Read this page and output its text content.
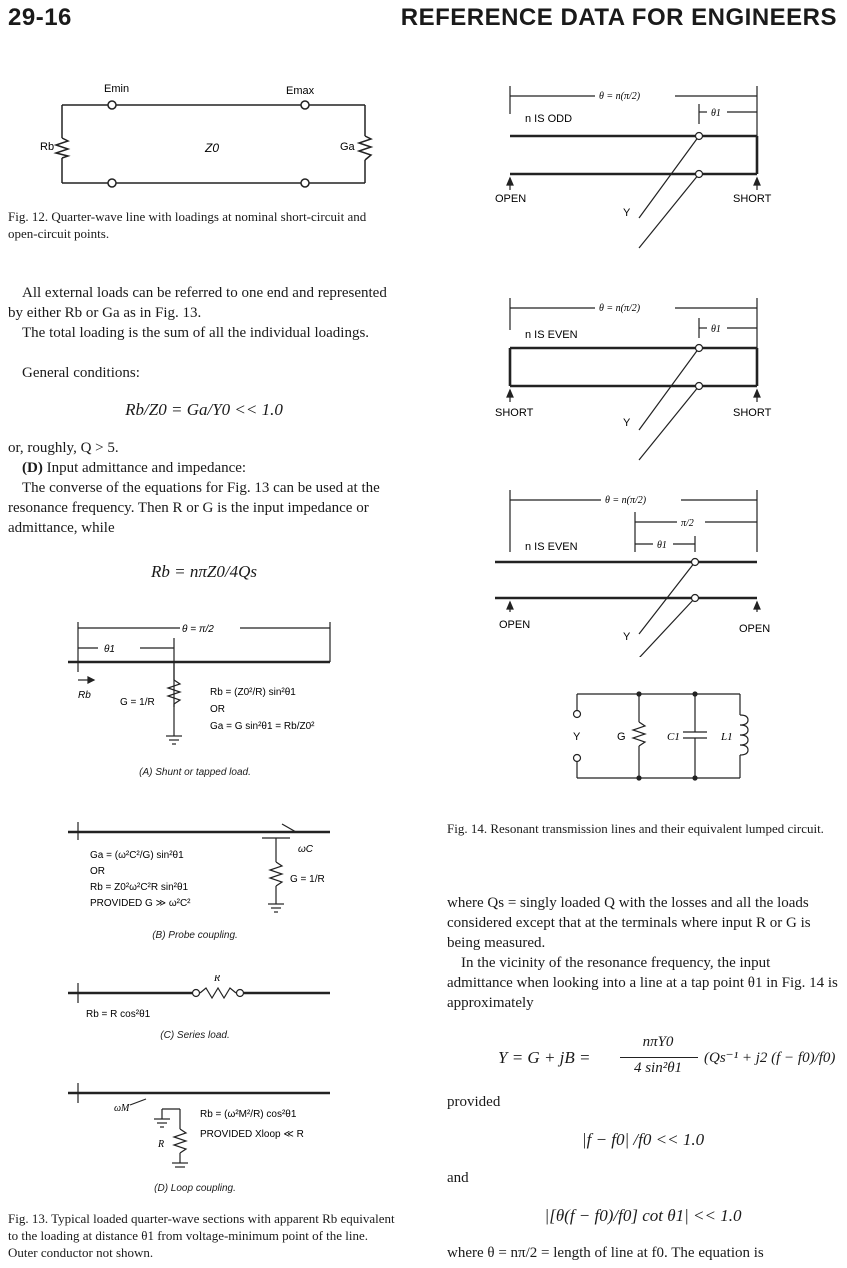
29-16	REFERENCE DATA FOR ENGINEERS
Emin	Emax
Rb	Z0	Ga
Fig. 12. Quarter-wave line with loadings at nominal short-circuit and open-circuit points.
All external loads can be referred to one end and represented by either Rb or Ga as in Fig. 13.
The total loading is the sum of all the individual loadings.
General conditions:
Rb/Z0 = Ga/Y0 << 1.0
or, roughly, Q > 5.
(D) Input admittance and impedance:
The converse of the equations for Fig. 13 can be used at the resonance frequency. Then R or G is the input impedance or admittance, while
Rb = nπZ0/4Qs
θ = π/2
θ1
Rb
G = 1/R
Rb = (Z0²/R) sin²θ1
OR
Ga = G sin²θ1 = Rb/Z0²
(A) Shunt or tapped load.
ωC
G = 1/R
Ga = (ω²C²/G) sin²θ1
OR
Rb = Z0²ω²C²R sin²θ1
PROVIDED G ≫ ω²C²
(B) Probe coupling.
R
Rb = R cos²θ1
(C) Series load.
ωM
R
Rb = (ω²M²/R) cos²θ1
PROVIDED Xloop ≪ R
(D) Loop coupling.
Fig. 13. Typical loaded quarter-wave sections with apparent Rb equivalent to the loading at distance θ1 from voltage-minimum point of the line. Outer conductor not shown.
θ = n(π/2)
θ1
n IS ODD
OPEN	SHORT
Y
θ = n(π/2)
θ1
n IS EVEN
SHORT	SHORT
Y
θ = n(π/2)
π/2
θ1
n IS EVEN
OPEN	OPEN
Y
Y	G	C1	L1
Fig. 14. Resonant transmission lines and their equivalent lumped circuit.
where Qs = singly loaded Q with the losses and all the loads considered except that at the terminals where input R or G is being measured.
In the vicinity of the resonance frequency, the input admittance when looking into a line at a tap point θ1 in Fig. 14 is approximately
Y = G + jB =
nπY0
4 sin²θ1
(Qs⁻¹ + j2 (f − f0)/f0)
provided
|f − f0| /f0 << 1.0
and
|[θ(f − f0)/f0] cot θ1| << 1.0
where θ = nπ/2 = length of line at f0. The equation is
